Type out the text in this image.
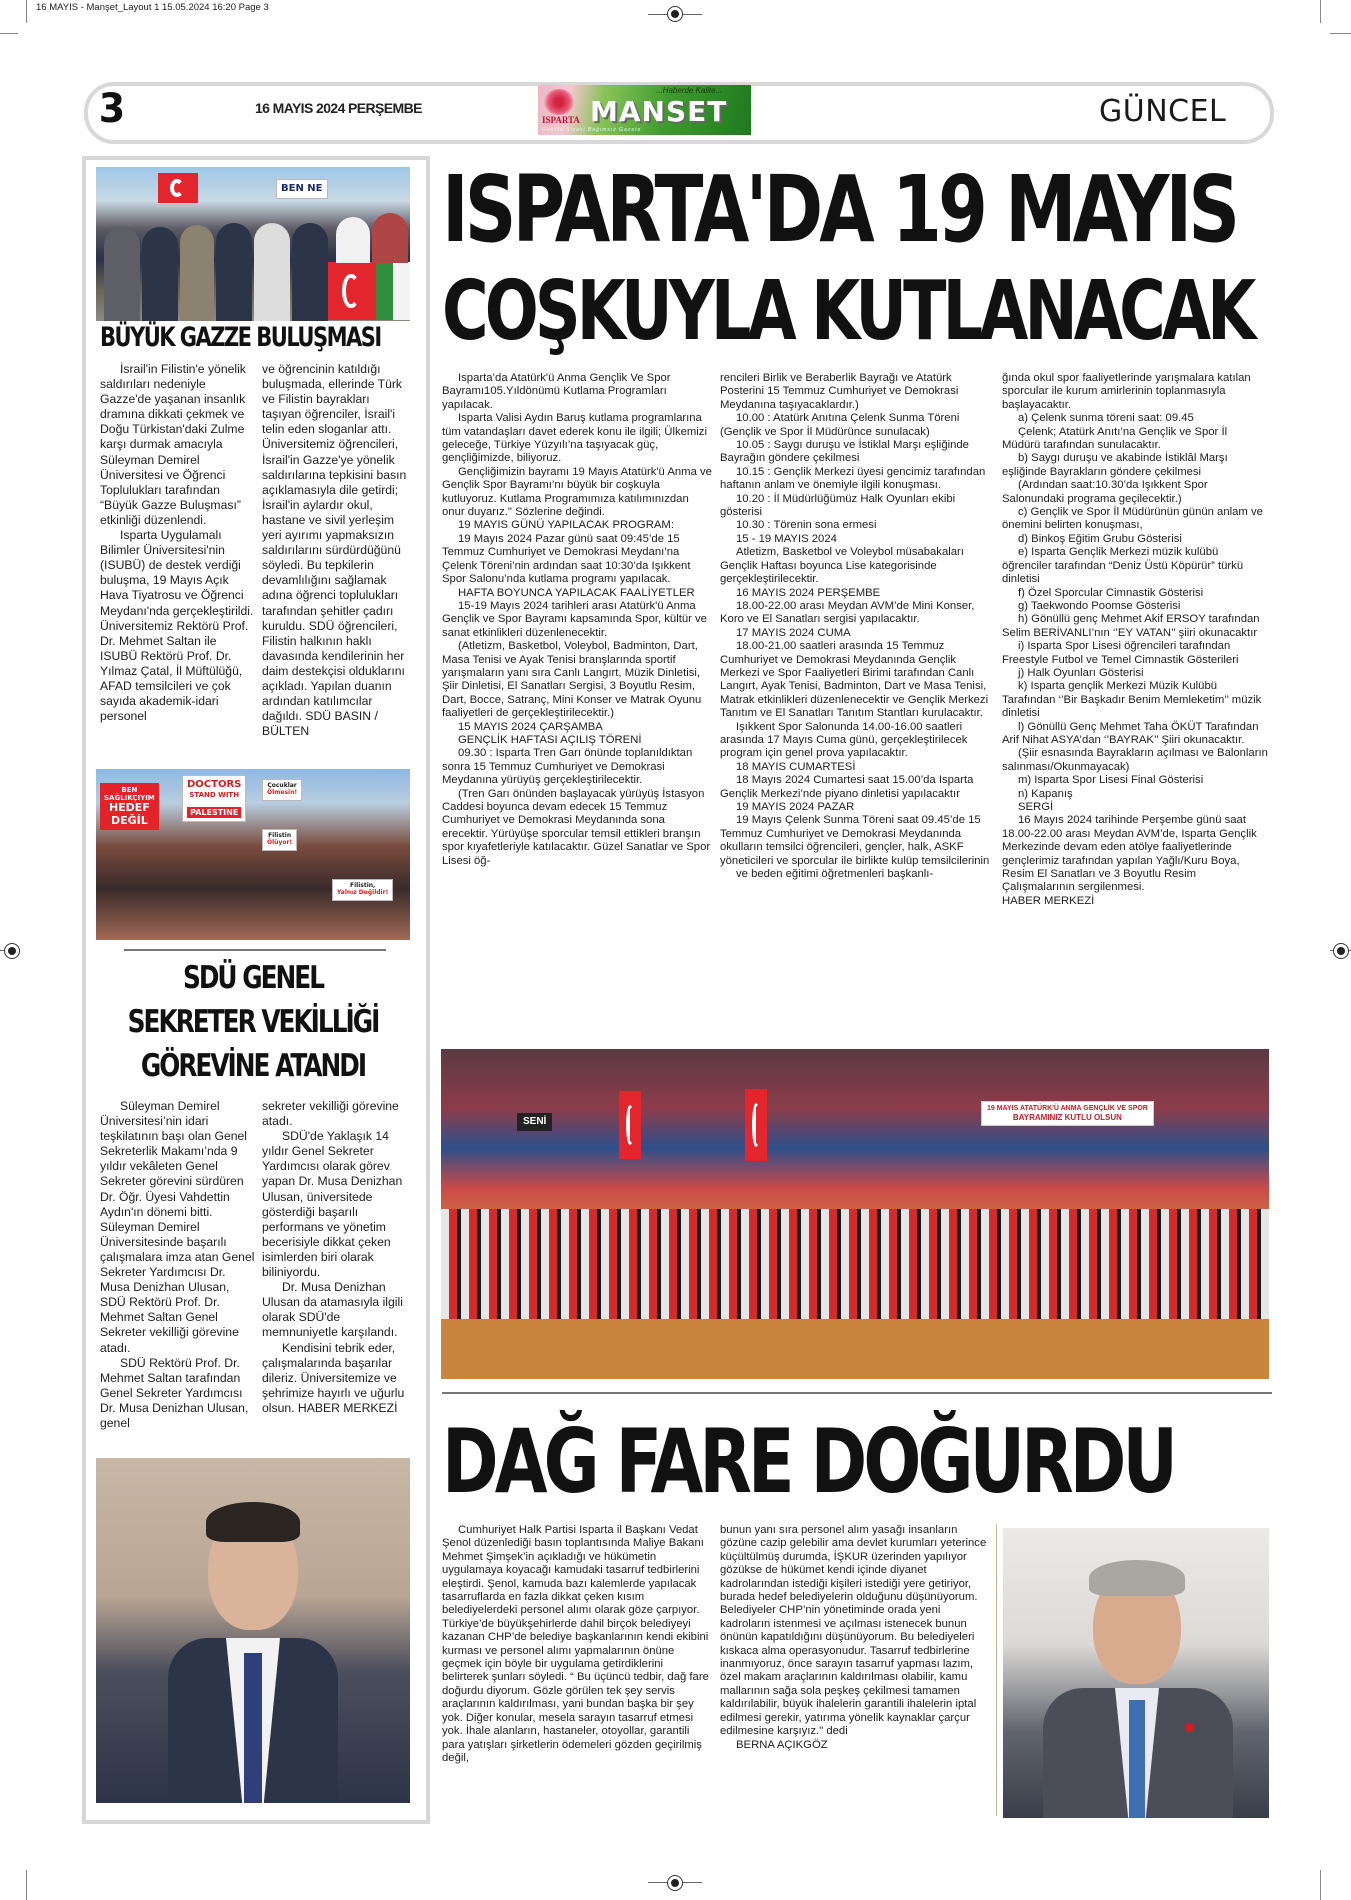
16 MAYIS - Manşet_Layout 1 15.05.2024 16:20 Page 3
3	16 MAYIS 2024 PERŞEMBE
ISPARTA
...Haberde Kalite...
MANSET
Günlük Siyasi Bağımsız Gazete
GÜNCEL
BEN NE
BÜYÜK GAZZE BULUŞMASI

İsrail'in Filistin'e yönelik saldırıları nedeniyle Gazze'de yaşanan insanlık dramına dikkati çekmek ve Doğu Türkistan'daki Zulme karşı durmak amacıyla Süleyman Demirel Üniversitesi ve Öğrenci Toplulukları tarafından “Büyük Gazze Buluşması” etkinliği düzenlendi.

Isparta Uygulamalı Bilimler Üniversitesi'nin (ISUBÜ) de destek verdiği buluşma, 19 Mayıs Açık Hava Tiyatrosu ve Öğrenci Meydanı'nda gerçekleştirildi. Üniversitemiz Rektörü Prof. Dr. Mehmet Saltan ile ISUBÜ Rektörü Prof. Dr. Yılmaz Çatal, İl Müftülüğü, AFAD temsilcileri ve çok sayıda akademik-idari personel

ve öğrencinin katıldığı buluşmada, ellerinde Türk ve Filistin bayrakları taşıyan öğrenciler, İsrail'i telin eden sloganlar attı. Üniversitemiz öğrencileri, İsrail'in Gazze'ye yönelik saldırılarına tepkisini basın açıklamasıyla dile getirdi; İsrail'in aylardır okul, hastane ve sivil yerleşim yeri ayırımı yapmaksızın saldırılarını sürdürdüğünü söyledi. Bu tepkilerin devamlılığını sağlamak adına öğrenci toplulukları tarafından şehitler çadırı kuruldu. SDÜ öğrencileri, Filistin halkının haklı davasında kendilerinin her daim destekçisi olduklarını açıkladı. Yapılan duanın ardından katılımcılar dağıldı. SDÜ BASIN / BÜLTEN

BEN
SAĞLIKÇIYIM
HEDEF
DEĞİL
DOCTORS
STAND WITH
PALESTINE
Çocuklar
Ölmesin!
Filistin
Ölüyor!
Filistin,
Yalnız Değildir!
SDÜ GENEL
SEKRETER VEKİLLİĞİ
GÖREVİNE ATANDI

Süleyman Demirel Üniversitesi’nin idari teşkilatının başı olan Genel Sekreterlik Makamı’nda 9 yıldır vekâleten Genel Sekreter görevini sürdüren Dr. Öğr. Üyesi Vahdettin Aydın'ın dönemi bitti. Süleyman Demirel Üniversitesinde başarılı çalışmalara imza atan Genel Sekreter Yardımcısı Dr. Musa Denizhan Ulusan, SDÜ Rektörü Prof. Dr. Mehmet Saltan Genel Sekreter vekilliği görevine atadı.

SDÜ Rektörü Prof. Dr. Mehmet Saltan tarafından Genel Sekreter Yardımcısı Dr. Musa Denizhan Ulusan, genel

sekreter vekilliği görevine atadı.

SDÜ'de Yaklaşık 14 yıldır Genel Sekreter Yardımcısı olarak görev yapan Dr. Musa Denizhan Ulusan, üniversitede gösterdiği başarılı performans ve yönetim becerisiyle dikkat çeken isimlerden biri olarak biliniyordu.

Dr. Musa Denizhan Ulusan da atamasıyla ilgili olarak SDÜ'de memnuniyetle karşılandı.

Kendisini tebrik eder, çalışmalarında başarılar dileriz. Üniversitemize ve şehrimize hayırlı ve uğurlu olsun. HABER MERKEZİ

ISPARTA'DA 19 MAYIS
COŞKUYLA KUTLANACAK

Isparta’da Atatürk'ü Anma Gençlik Ve Spor Bayramı105.Yıldönümü Kutlama Programları yapılacak.

Isparta Valisi Aydın Baruş kutlama programlarına tüm vatandaşları davet ederek konu ile ilgili; Ülkemizi geleceğe, Türkiye Yüzyılı’na taşıyacak güç, gençliğimizde, biliyoruz.

Gençliğimizin bayramı 19 Mayıs Atatürk'ü Anma ve Gençlik Spor Bayramı’nı büyük bir coşkuyla kutluyoruz. Kutlama Programımıza katılımınızdan onur duyarız." Sözlerine değindi.

19 MAYIS GÜNÜ YAPILACAK PROGRAM:

19 Mayıs 2024 Pazar günü saat 09:45’de 15 Temmuz Cumhuriyet ve Demokrasi Meydanı’na Çelenk Töreni’nin ardından saat 10:30’da Işıkkent Spor Salonu’nda kutlama programı yapılacak.

HAFTA BOYUNCA YAPILACAK FAALİYETLER

15-19 Mayıs 2024 tarihleri arası Atatürk'ü Anma Gençlik ve Spor Bayramı kapsamında Spor, kültür ve sanat etkinlikleri düzenlenecektir.

(Atletizm, Basketbol, Voleybol, Badminton, Dart, Masa Tenisi ve Ayak Tenisi branşlarında sportif yarışmaların yanı sıra Canlı Langırt, Müzik Dinletisi, Şiir Dinletisi, El Sanatları Sergisi, 3 Boyutlu Resim, Dart, Bocce, Satranç, Mini Konser ve Matrak Oyunu faaliyetleri de gerçekleştirilecektir.)

15 MAYIS 2024 ÇARŞAMBA

GENÇLİK HAFTASI AÇILIŞ TÖRENİ

09.30 : Isparta Tren Garı önünde toplanıldıktan sonra 15 Temmuz Cumhuriyet ve Demokrasi Meydanına yürüyüş gerçekleştirilecektir.

(Tren Garı önünden başlayacak yürüyüş İstasyon Caddesi boyunca devam edecek 15 Temmuz Cumhuriyet ve Demokrasi Meydanında sona erecektir. Yürüyüşe sporcular temsil ettikleri branşın spor kıyafetleriyle katılacaktır. Güzel Sanatlar ve Spor Lisesi öğ-

rencileri Birlik ve Beraberlik Bayrağı ve Atatürk Posterini 15 Temmuz Cumhuriyet ve Demokrasi Meydanına taşıyacaklardır.)

10.00 : Atatürk Anıtına Çelenk Sunma Töreni (Gençlik ve Spor İl Müdürünce sunulacak)

10.05 : Saygı duruşu ve İstiklal Marşı eşliğinde Bayrağın göndere çekilmesi

10.15 : Gençlik Merkezi üyesi gencimiz tarafından haftanın anlam ve önemiyle ilgili konuşması.

10.20 : İl Müdürlüğümüz Halk Oyunları ekibi gösterisi

10.30 : Törenin sona ermesi

15 - 19 MAYIS 2024

Atletizm, Basketbol ve Voleybol müsabakaları Gençlik Haftası boyunca Lise kategorisinde gerçekleştirilecektir.

16 MAYIS 2024 PERŞEMBE

18.00-22.00 arası Meydan AVM’de Mini Konser, Koro ve El Sanatları sergisi yapılacaktır.

17 MAYIS 2024 CUMA

18.00-21.00 saatleri arasında 15 Temmuz Cumhuriyet ve Demokrasi Meydanında Gençlik Merkezi ve Spor Faaliyetleri Birimi tarafından Canlı Langırt, Ayak Tenisi, Badminton, Dart ve Masa Tenisi, Matrak etkinlikleri düzenlenecektir ve Gençlik Merkezi Tanıtım ve El Sanatları Tanıtım Stantları kurulacaktır.

Işıkkent Spor Salonunda 14.00-16.00 saatleri arasında 17 Mayıs Cuma günü, gerçekleştirilecek program için genel prova yapılacaktır.

18 MAYIS CUMARTESİ

18 Mayıs 2024 Cumartesi saat 15.00’da Isparta Gençlik Merkezi’nde piyano dinletisi yapılacaktır

19 MAYIS 2024 PAZAR

19 Mayıs Çelenk Sunma Töreni saat 09.45’de 15 Temmuz Cumhuriyet ve Demokrasi Meydanında okulların temsilci öğrencileri, gençler, halk, ASKF yöneticileri ve sporcular ile birlikte kulüp temsilcilerinin

ve beden eğitimi öğretmenleri başkanlı-

ğında okul spor faaliyetlerinde yarışmalara katılan sporcular ile kurum amirlerinin toplanmasıyla başlayacaktır.

a) Çelenk sunma töreni saat: 09.45

Çelenk; Atatürk Anıtı’na Gençlik ve Spor İl Müdürü tarafından sunulacaktır.

b) Saygı duruşu ve akabinde İstiklâl Marşı eşliğinde Bayrakların göndere çekilmesi

(Ardından saat:10.30’da Işıkkent Spor Salonundaki programa geçilecektir.)

c) Gençlik ve Spor İl Müdürünün günün anlam ve önemini belirten konuşması,

d) Binkoş Eğitim Grubu Gösterisi

e) Isparta Gençlik Merkezi müzik kulübü öğrenciler tarafından “Deniz Üstü Köpürür” türkü dinletisi

f) Özel Sporcular Cimnastik Gösterisi

g) Taekwondo Poomse Gösterisi

h) Gönüllü genç Mehmet Akif ERSOY tarafından Selim BERİVANLI’nın ‘’EY VATAN’’ şiiri okunacaktır

i) Isparta Spor Lisesi öğrencileri tarafından Freestyle Futbol ve Temel Cimnastik Gösterileri

j) Halk Oyunları Gösterisi

k) Isparta gençlik Merkezi Müzik Kulübü Tarafından ‘’Bir Başkadır Benim Memleketim’’ müzik dinletisi

l) Gönüllü Genç Mehmet Taha ÖKÜT Tarafından Arif Nihat ASYA’dan ‘’BAYRAK’’ Şiiri okunacaktır.

(Şiir esnasında Bayrakların açılması ve Balonların salınması/Okunmayacak)

m) Isparta Spor Lisesi Final Gösterisi

n) Kapanış

SERGİ

16 Mayıs 2024 tarihinde Perşembe günü saat 18.00-22.00 arası Meydan AVM’de, Isparta Gençlik Merkezinde devam eden atölye faaliyetlerinde gençlerimiz tarafından yapılan Yağlı/Kuru Boya, Resim El Sanatları ve 3 Boyutlu Resim Çalışmalarının sergilenmesi.

HABER MERKEZİ

SENİ
19 MAYIS ATATÜRK'Ü ANMA GENÇLİK VE SPOR
BAYRAMINIZ KUTLU OLSUN
DAĞ FARE DOĞURDU

Cumhuriyet Halk Partisi Isparta il Başkanı Vedat Şenol düzenlediği basın toplantısında Maliye Bakanı Mehmet Şimşek’in açıkladığı ve hükümetin uygulamaya koyacağı kamudaki tasarruf tedbirlerini eleştirdi. Şenol, kamuda bazı kalemlerde yapılacak tasarruflarda en fazla dikkat çeken kısım belediyelerdeki personel alımı olarak göze çarpıyor. Türkiye’de büyükşehirlerde dahil birçok belediyeyi kazanan CHP’de belediye başkanlarının kendi ekibini kurması ve personel alımı yapmalarının önüne geçmek için böyle bir uygulama getirdiklerini belirterek şunları söyledi. “ Bu üçüncü tedbir, dağ fare doğurdu diyorum. Gözle görülen tek şey servis araçlarının kaldırılması, yani bundan başka bir şey yok. Diğer konular, mesela sarayın tasarruf etmesi yok. İhale alanların, hastaneler, otoyollar, garantili para yatışları şirketlerin ödemeleri gözden geçirilmiş değil,

bunun yanı sıra personel alım yasağı insanların gözüne cazip gelebilir ama devlet kurumları yeterince küçültülmüş durumda, İŞKUR üzerinden yapılıyor gözükse de hükümet kendi içinde diyanet kadrolarından istediği kişileri istediği yere getiriyor, burada hedef belediyelerin olduğunu düşünüyorum. Belediyeler CHP’nin yönetiminde orada yeni kadroların istenmesi ve açılması istenecek bunun önünün kapatıldığını düşünüyorum. Bu belediyeleri kıskaca alma operasyonudur. Tasarruf tedbirlerine inanmıyoruz, önce sarayın tasarruf yapması lazım, özel makam araçlarının kaldırılması olabilir, kamu mallarının sağa sola peşkeş çekilmesi tamamen kaldırılabilir, büyük ihalelerin garantili ihalelerin iptal edilmesi gerekir, yatırıma yönelik kaynaklar çarçur edilmesine karşıyız." dedi

BERNA AÇIKGÖZ
